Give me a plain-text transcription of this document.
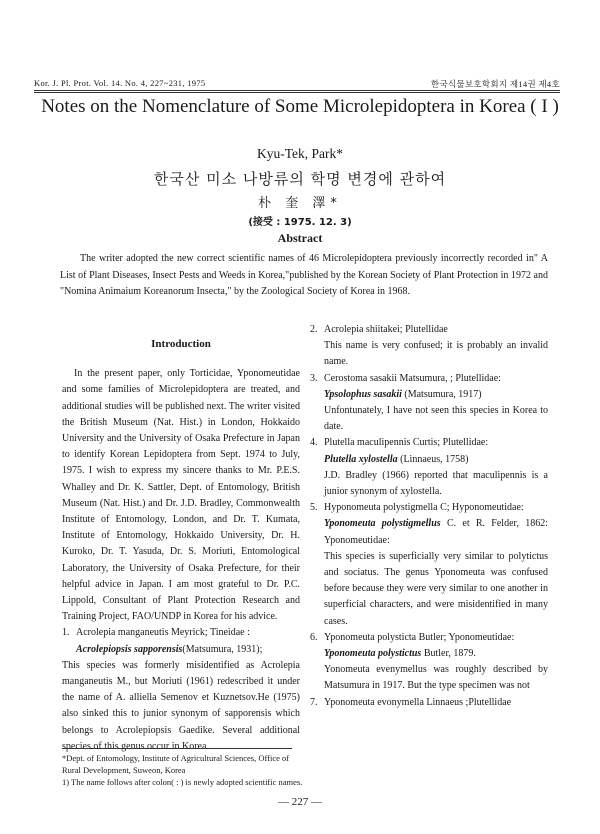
Kor. J. Pl. Prot. Vol. 14. No. 4, 227~231, 1975	한국식물보호학회지 제14권 제4호
Notes on the Nomenclature of Some Microlepidoptera in Korea ( I )
Kyu-Tek, Park*
한국산 미소 나방류의 학명 변경에 관하여
朴 奎 澤*
(接受 : 1975. 12. 3)
Abstract

The writer adopted the new correct scientific names of 46 Microlepidoptera previously incorrectly recorded in" A List of Plant Diseases, Insect Pests and Weeds in Korea,"published by the Korean Society of Plant Protection in 1972 and "Nomina Animaium Koreanorum Insecta," by the Zoological Society of Korea in 1968.

Introduction

In the present paper, only Torticidae, Yponomeutidae and some families of Microlepidoptera are treated, and additional studies will be published next. The writer visited the British Museum (Nat. Hist.) in London, Hokkaido University and the University of Osaka Prefecture in Japan to identify Korean Lepidoptera from Sept. 1974 to July, 1975. I wish to express my sincere thanks to Mr. P.E.S. Whalley and Dr. K. Sattler, Dept. of Entomology, British Museum (Nat. Hist.) and Dr. J.D. Bradley, Commonwealth Institute of Entomology, London, and Dr. T. Kumata, Institute of Entomology, Hokkaido University, Dr. H. Kuroko, Dr. T. Yasuda, Dr. S. Moriuti, Entomological Laboratory, the University of Osaka Prefecture, for their helpful advice in Japan. I am most grateful to Dr. P.C. Lippold, Consultant of Plant Protection Research and Training Project, FAO/UNDP in Korea for his advice.

1. Acrolepia manganeutis Meyrick; Tineidae :

Acrolepiopsis sapporensis(Matsumura, 1931);

This species was formerly misidentified as Acrolepia manganeutis M., but Moriuti (1961) redescribed it under the name of A. alliella Semenov et Kuznetsov.He (1975) also sinked this to junior synonym of sapporensis which belongs to Acrolepiopsis Gaedike. Several additional species of this genus occur in Korea.

2. Acrolepia shiitakei; Plutellidae

This name is very confused; it is probably an invalid name.

3. Cerostoma sasakii Matsumura, ; Plutellidae:

Ypsolophus sasakii (Matsumura, 1917)

Unfontunately, I have not seen this species in Korea to date.

4. Plutella maculipennis Curtis; Plutellidae:

Plutella xylostella (Linnaeus, 1758)

J.D. Bradley (1966) reported that maculipennis is a junior synonym of xylostella.

5. Hyponomeuta polystigmella C; Hyponomeutidae:

Yponomeuta polystigmellus C. et R. Felder, 1862: Yponomeutidae:

This species is superficially very similar to polytictus and sociatus. The genus Yponomeuta was confused before because they were very similar to one another in superficial characters, and were misidentified in many cases.

6. Yponomeuta polysticta Butler; Yponomeutidae:

Yponomeuta polystictus Butler, 1879.

Yonomeuta evenymellus was roughly described by Matsumura in 1917. But the type specimen was not

7. Yponomeuta evonymella Linnaeus ;Plutellidae
*Dept. of Entomology, Institute of Agricultural Sciences, Office of
Rural Development, Suweon, Korea
1) The name follows after colon( : ) is newly adopted scientific names.
— 227 —
